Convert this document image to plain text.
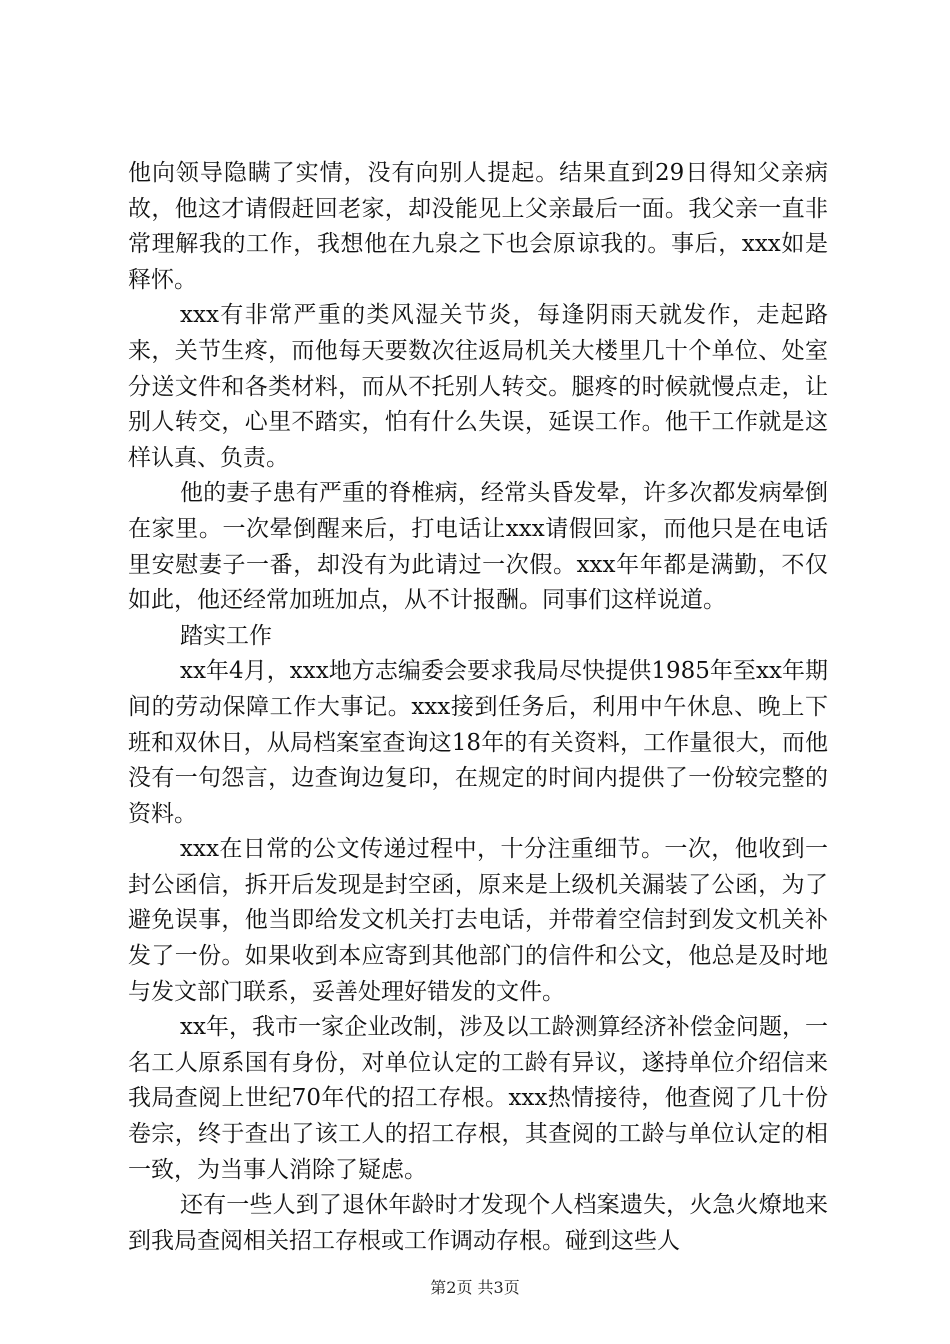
他向领导隐瞒了实情，没有向别人提起。结果直到29日得知父亲病故，他这才请假赶回老家，却没能见上父亲最后一面。我父亲一直非常理解我的工作，我想他在九泉之下也会原谅我的。事后，xxx如是释怀。

xxx有非常严重的类风湿关节炎，每逢阴雨天就发作，走起路来，关节生疼，而他每天要数次往返局机关大楼里几十个单位、处室分送文件和各类材料，而从不托别人转交。腿疼的时候就慢点走，让别人转交，心里不踏实，怕有什么失误，延误工作。他干工作就是这样认真、负责。

他的妻子患有严重的脊椎病，经常头昏发晕，许多次都发病晕倒在家里。一次晕倒醒来后，打电话让xxx请假回家，而他只是在电话里安慰妻子一番，却没有为此请过一次假。xxx年年都是满勤，不仅如此，他还经常加班加点，从不计报酬。同事们这样说道。

踏实工作

xx年4月，xxx地方志编委会要求我局尽快提供1985年至xx年期间的劳动保障工作大事记。xxx接到任务后，利用中午休息、晚上下班和双休日，从局档案室查询这18年的有关资料，工作量很大，而他没有一句怨言，边查询边复印，在规定的时间内提供了一份较完整的资料。

xxx在日常的公文传递过程中，十分注重细节。一次，他收到一封公函信，拆开后发现是封空函，原来是上级机关漏装了公函，为了避免误事，他当即给发文机关打去电话，并带着空信封到发文机关补发了一份。如果收到本应寄到其他部门的信件和公文，他总是及时地与发文部门联系，妥善处理好错发的文件。

xx年，我市一家企业改制，涉及以工龄测算经济补偿金问题，一名工人原系国有身份，对单位认定的工龄有异议，遂持单位介绍信来我局查阅上世纪70年代的招工存根。xxx热情接待，他查阅了几十份卷宗，终于查出了该工人的招工存根，其查阅的工龄与单位认定的相一致，为当事人消除了疑虑。

还有一些人到了退休年龄时才发现个人档案遗失，火急火燎地来到我局查阅相关招工存根或工作调动存根。碰到这些人

第2页 共3页
